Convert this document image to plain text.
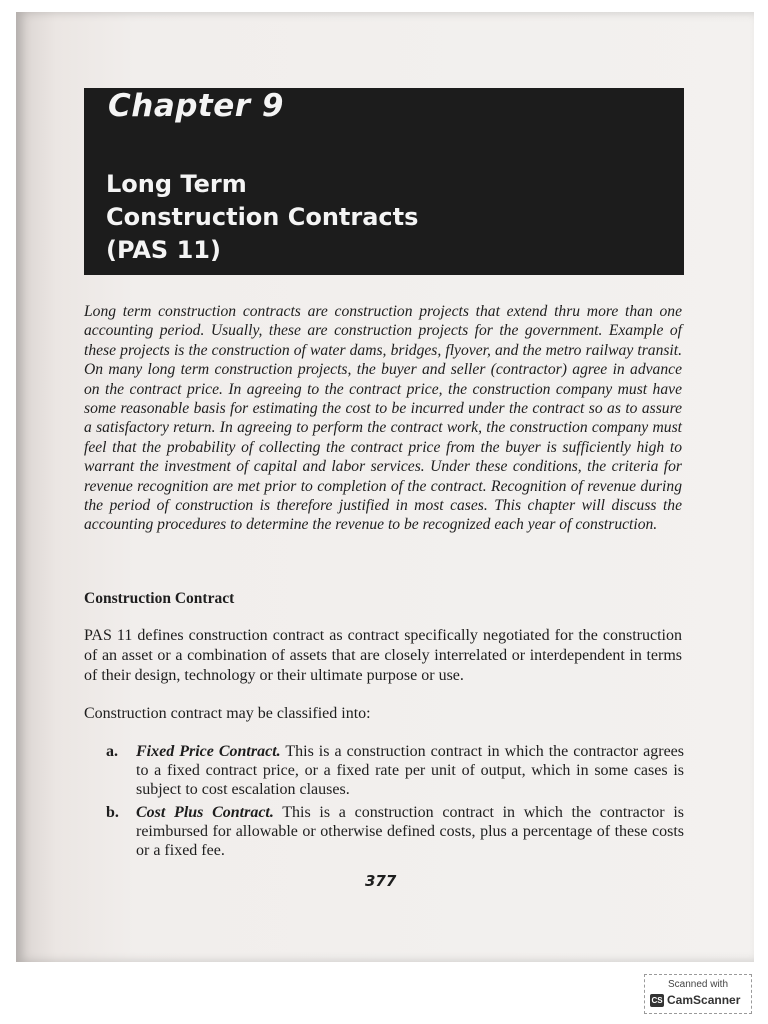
Chapter 9
Long Term
Construction Contracts
(PAS 11)

Long term construction contracts are construction projects that extend thru more than one accounting period. Usually, these are construction projects for the government. Example of these projects is the construction of water dams, bridges, flyover, and the metro railway transit. On many long term construction projects, the buyer and seller (contractor) agree in advance on the contract price. In agreeing to the contract price, the construction company must have some reasonable basis for estimating the cost to be incurred under the contract so as to assure a satisfactory return. In agreeing to perform the contract work, the construction company must feel that the probability of collecting the contract price from the buyer is sufficiently high to warrant the investment of capital and labor services. Under these conditions, the criteria for revenue recognition are met prior to completion of the contract. Recognition of revenue during the period of construction is therefore justified in most cases. This chapter will discuss the accounting procedures to determine the revenue to be recognized each year of construction.

Construction Contract

PAS 11 defines construction contract as contract specifically negotiated for the construction of an asset or a combination of assets that are closely interrelated or interdependent in terms of their design, technology or their ultimate purpose or use.

Construction contract may be classified into:
a. Fixed Price Contract. This is a construction contract in which the contractor agrees to a fixed contract price, or a fixed rate per unit of output, which in some cases is subject to cost escalation clauses.
b. Cost Plus Contract. This is a construction contract in which the contractor is reimbursed for allowable or otherwise defined costs, plus a percentage of these costs or a fixed fee.
377
Scanned with
CS CamScanner
